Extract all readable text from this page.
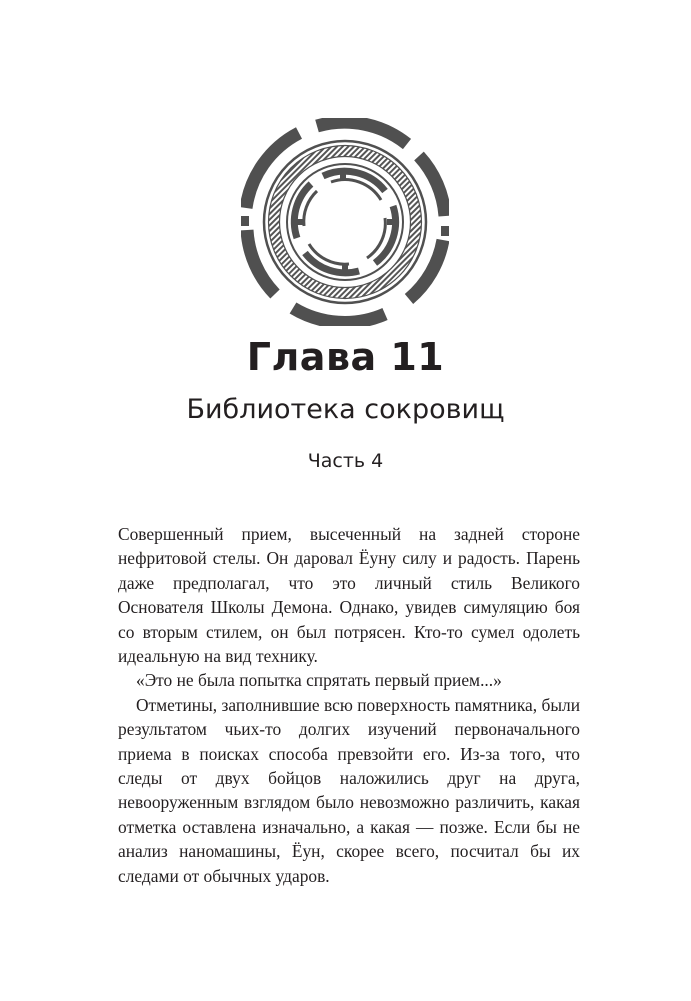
Глава 11
Библиотека сокровищ
Часть 4

Совершенный прием, высеченный на задней стороне нефритовой стелы. Он даровал Ёуну силу и радость. Парень даже предполагал, что это личный стиль Великого Основателя Школы Демона. Однако, увидев симуляцию боя со вторым стилем, он был потрясен. Кто-то сумел одолеть идеальную на вид технику.

«Это не была попытка спрятать первый прием...»

Отметины, заполнившие всю поверхность памятника, были результатом чьих-то долгих изучений первоначального приема в поисках способа превзойти его. Из-за того, что следы от двух бойцов наложились друг на друга, невооруженным взглядом было невозможно различить, какая отметка оставлена изначально, а какая — позже. Если бы не анализ наномашины, Ёун, скорее всего, посчитал бы их следами от обычных ударов.
